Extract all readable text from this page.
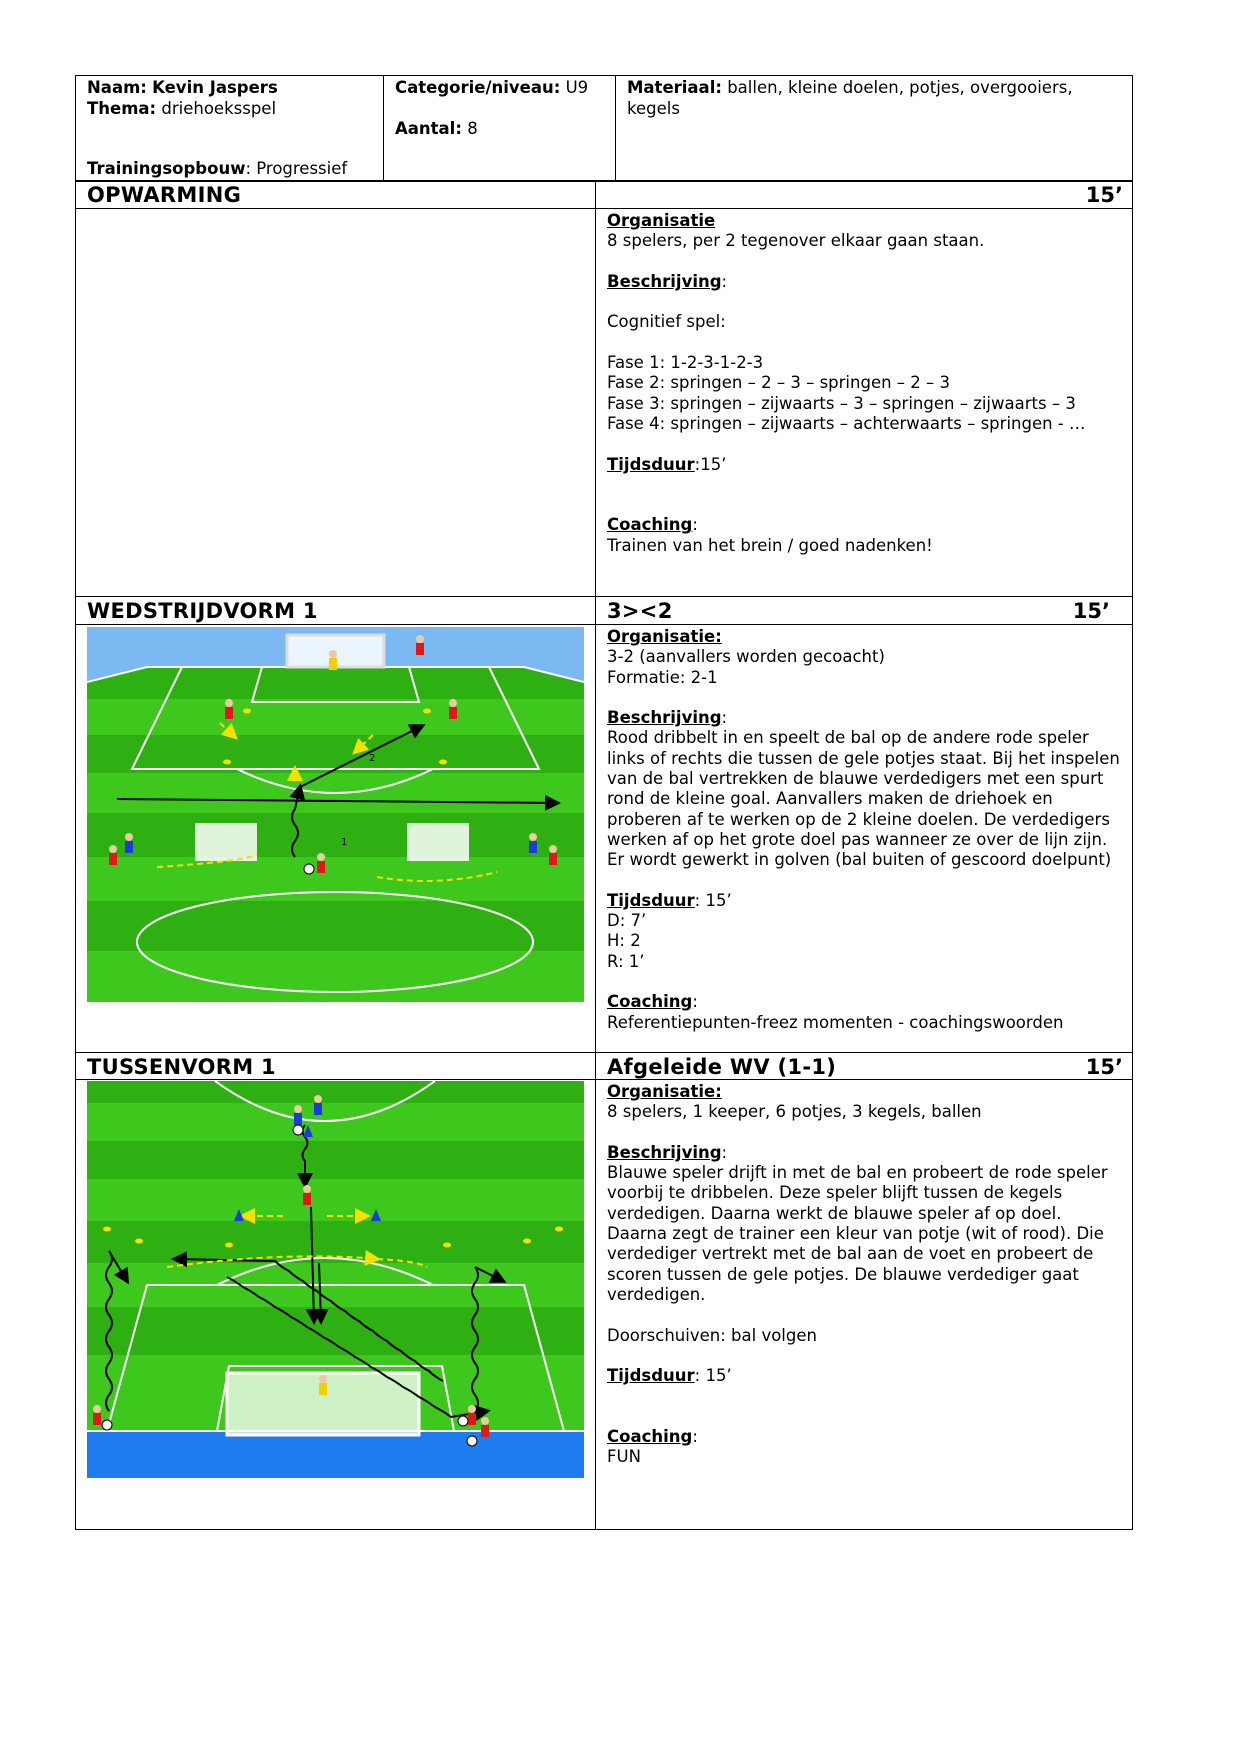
Naam: Kevin Jaspers
Thema: driehoeksspel
Trainingsopbouw: Progressief
Categorie/niveau: U9
Aantal: 8
Materiaal: ballen, kleine doelen, potjes, overgooiers,
kegels
OPWARMING	15’

Organisatie

8 spelers, per 2 tegenover elkaar gaan staan.

Beschrijving:

Cognitief spel:

Fase 1: 1-2-3-1-2-3

Fase 2: springen – 2 – 3 – springen – 2 – 3

Fase 3: springen – zijwaarts – 3 – springen – zijwaarts – 3

Fase 4: springen – zijwaarts – achterwaarts – springen - …

Tijdsduur:15’

Coaching:

Trainen van het brein / goed nadenken!

WEDSTRIJDVORM 1	3><2	15’
1
2

Organisatie:

3-2 (aanvallers worden gecoacht)

Formatie: 2-1

Beschrijving:

Rood dribbelt in en speelt de bal op de andere rode speler

links of rechts die tussen de gele potjes staat. Bij het inspelen

van de bal vertrekken de blauwe verdedigers met een spurt

rond de kleine goal. Aanvallers maken de driehoek en

proberen af te werken op de 2 kleine doelen. De verdedigers

werken af op het grote doel pas wanneer ze over de lijn zijn.

Er wordt gewerkt in golven (bal buiten of gescoord doelpunt)

Tijdsduur: 15’

D: 7’

H: 2

R: 1’

Coaching:

Referentiepunten-freez momenten - coachingswoorden

TUSSENVORM 1	Afgeleide WV (1-1)	15’

Organisatie:

8 spelers, 1 keeper, 6 potjes, 3 kegels, ballen

Beschrijving:

Blauwe speler drijft in met de bal en probeert de rode speler

voorbij te dribbelen. Deze speler blijft tussen de kegels

verdedigen. Daarna werkt de blauwe speler af op doel.

Daarna zegt de trainer een kleur van potje (wit of rood). Die

verdediger vertrekt met de bal aan de voet en probeert de

scoren tussen de gele potjes. De blauwe verdediger gaat

verdedigen.

Doorschuiven: bal volgen

Tijdsduur: 15’

Coaching:

FUN
